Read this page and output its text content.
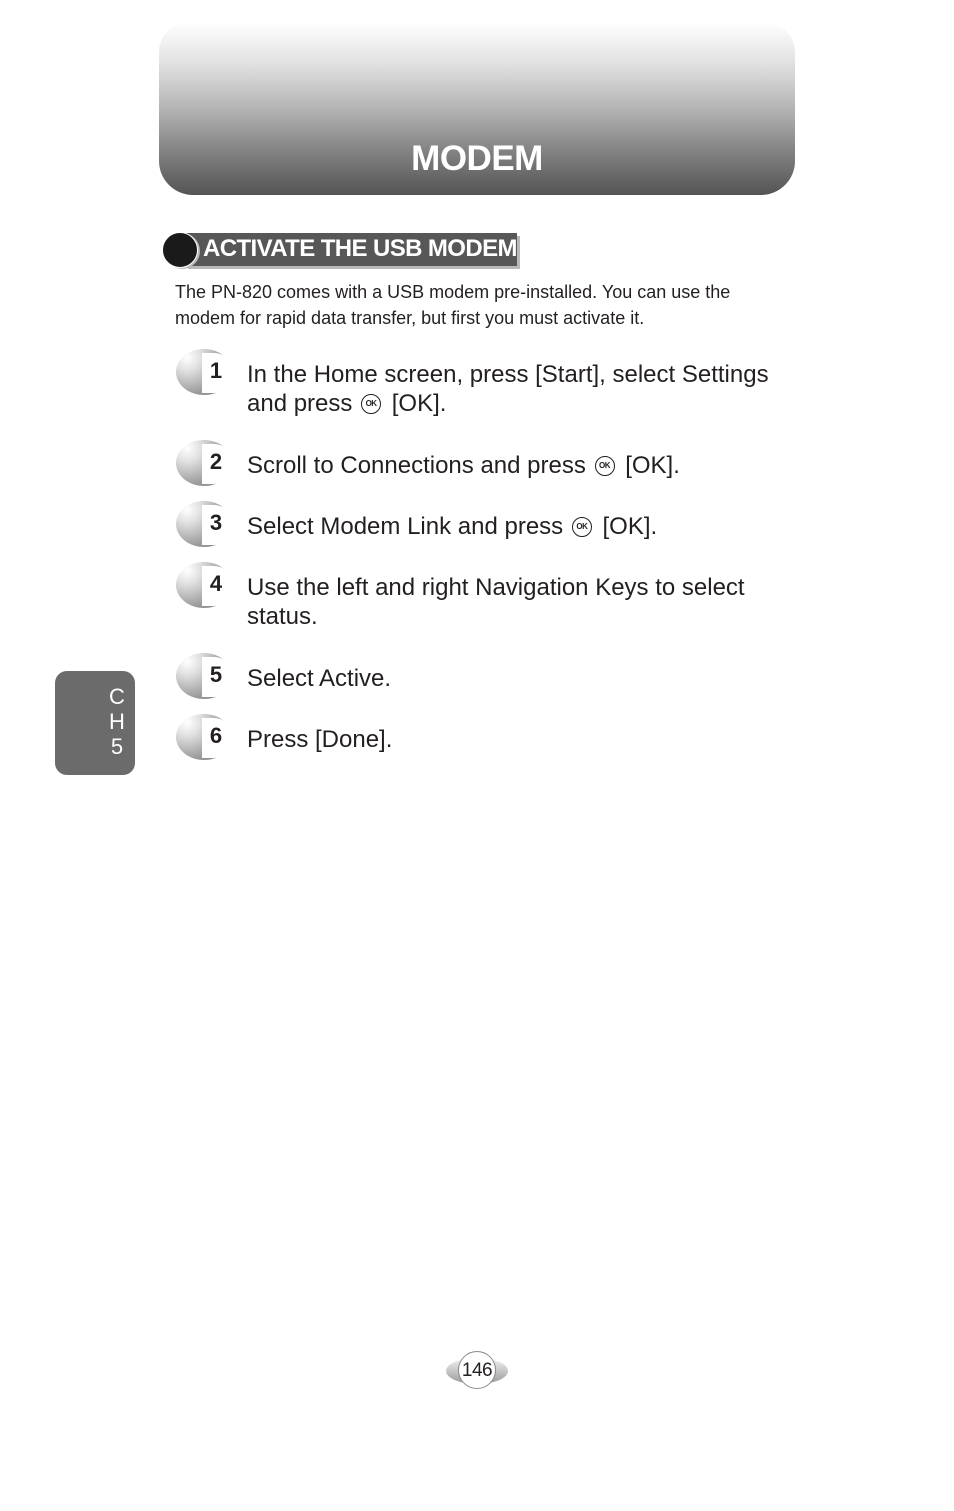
MODEM
ACTIVATE THE USB MODEM
The PN-820 comes with a USB modem pre-installed. You can use the modem for rapid data transfer, but first you must activate it.
1 In the Home screen, press [Start], select Settings and press OK [OK].
2 Scroll to Connections and press OK [OK].
3 Select Modem Link and press OK [OK].
4 Use the left and right Navigation Keys to select status.
5 Select Active.
6 Press [Done].
CH5
146
